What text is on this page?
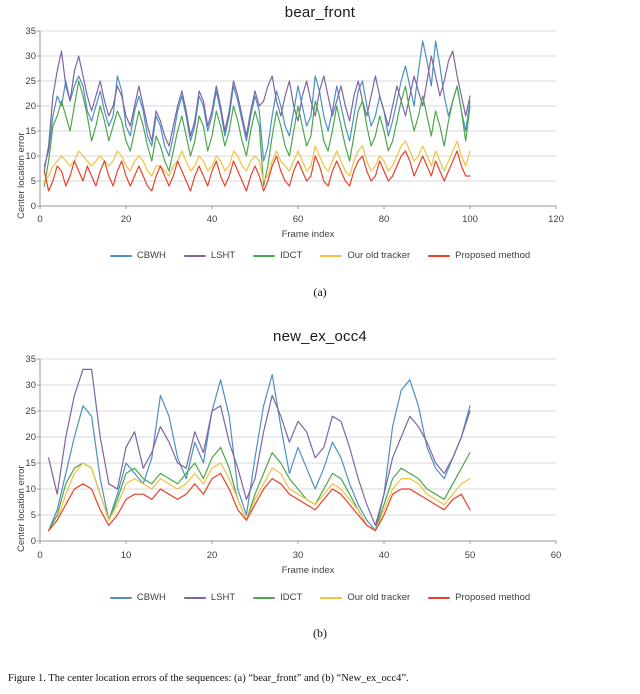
bear_front
Center location error
35
30
25
20
15
10
5
0
0	20	40	60	80	100	120
Frame index
CBWH	LSHT	IDCT	Our old tracker	Proposed method
(a)
new_ex_occ4
Center location error
35
30
25
20
15
10
5
0
0	10	20	30	40	50	60
Frame index
CBWH	LSHT	IDCT	Our old tracker	Proposed method
(b)
Figure 1. The center location errors of the sequences: (a) “bear_front” and (b) “New_ex_occ4”.
